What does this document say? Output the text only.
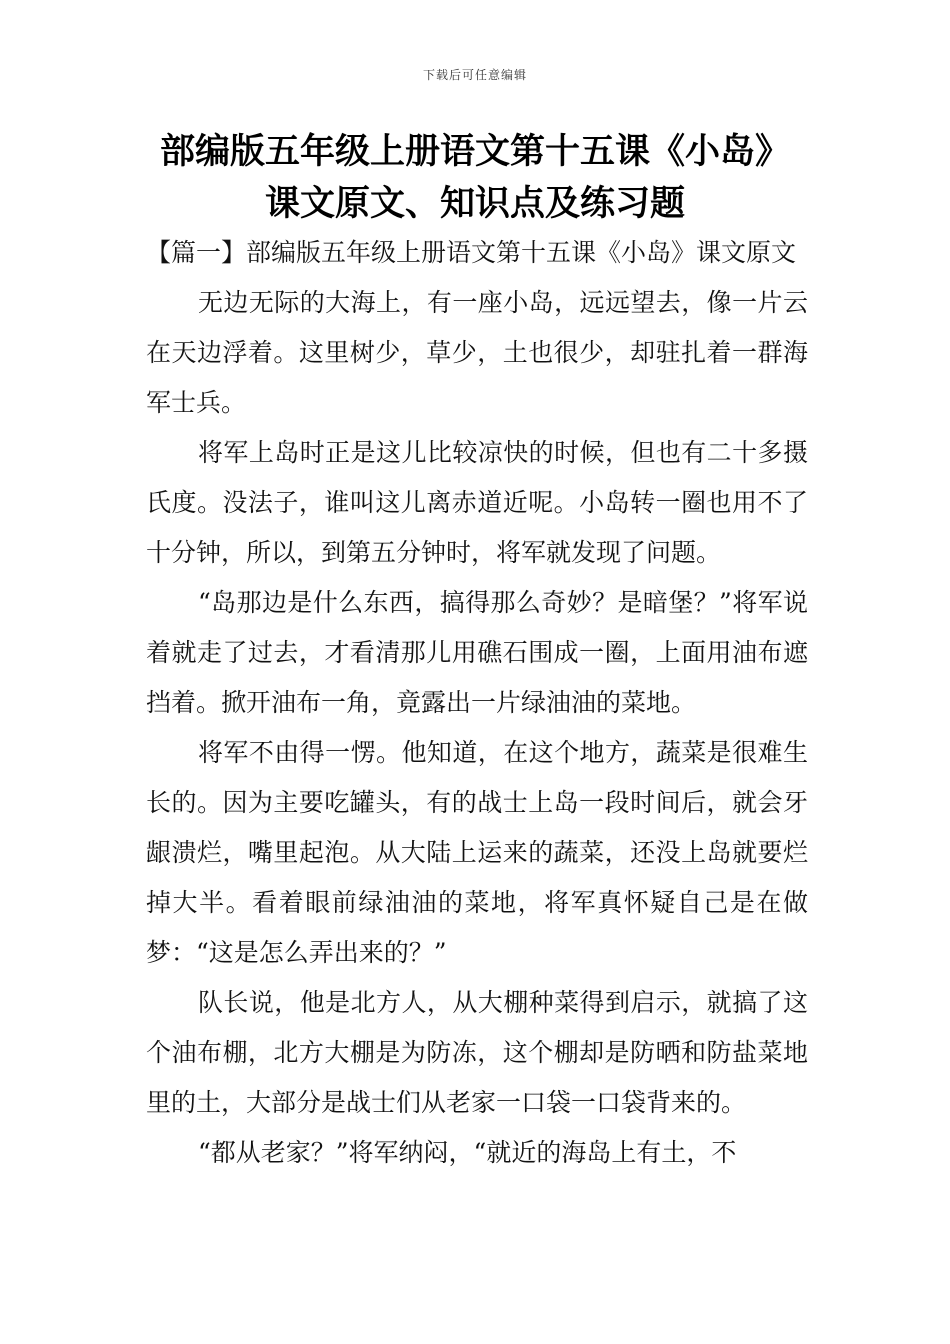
下载后可任意编辑
部编版五年级上册语文第十五课《小岛》
课文原文、知识点及练习题

【篇一】部编版五年级上册语文第十五课《小岛》课文原文

无边无际的大海上，有一座小岛，远远望去，像一片云在天边浮着。这里树少，草少，土也很少，却驻扎着一群海军士兵。

将军上岛时正是这儿比较凉快的时候，但也有二十多摄氏度。没法子，谁叫这儿离赤道近呢。小岛转一圈也用不了十分钟，所以，到第五分钟时，将军就发现了问题。

“岛那边是什么东西，搞得那么奇妙？是暗堡？”将军说着就走了过去，才看清那儿用礁石围成一圈，上面用油布遮挡着。掀开油布一角，竟露出一片绿油油的菜地。

将军不由得一愣。他知道，在这个地方，蔬菜是很难生长的。因为主要吃罐头，有的战士上岛一段时间后，就会牙龈溃烂，嘴里起泡。从大陆上运来的蔬菜，还没上岛就要烂掉大半。看着眼前绿油油的菜地，将军真怀疑自己是在做梦：“这是怎么弄出来的？”

队长说，他是北方人，从大棚种菜得到启示，就搞了这个油布棚，北方大棚是为防冻，这个棚却是防晒和防盐菜地里的土，大部分是战士们从老家一口袋一口袋背来的。

“都从老家？”将军纳闷，“就近的海岛上有土，不
